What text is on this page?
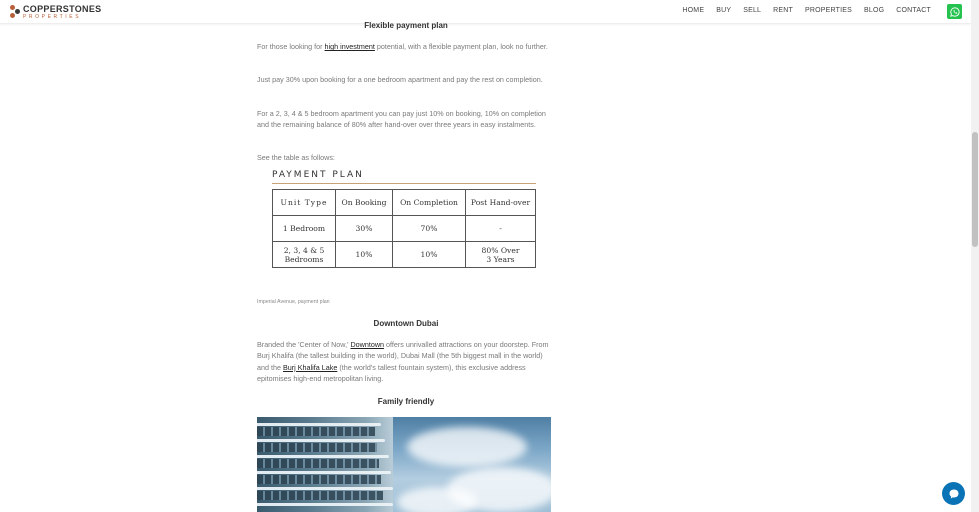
COPPERSTONES
PROPERTIES
HOME BUY SELL RENT PROPERTIES BLOG CONTACT
Flexible payment plan

For those looking for high investment potential, with a flexible payment plan, look no further.

Just pay 30% upon booking for a one bedroom apartment and pay the rest on completion.

For a 2, 3, 4 & 5 bedroom apartment you can pay just 10% on booking, 10% on completion and the remaining balance of 80% after hand-over over three years in easy instalments.

See the table as follows:

PAYMENT PLAN
Unit Type	On Booking	On Completion	Post Hand-over
1 Bedroom	30%	70%	-
2, 3, 4 & 5 Bedrooms	10%	10%	80% Over 3 Years
Imperial Avenue, payment plan
Downtown Dubai

Branded the 'Center of Now,' Downtown offers unrivalled attractions on your doorstep. From Burj Khalifa (the tallest building in the world), Dubai Mall (the 5th biggest mall in the world) and the Burj Khalifa Lake (the world's tallest fountain system), this exclusive address epitomises high-end metropolitan living.

Family friendly
